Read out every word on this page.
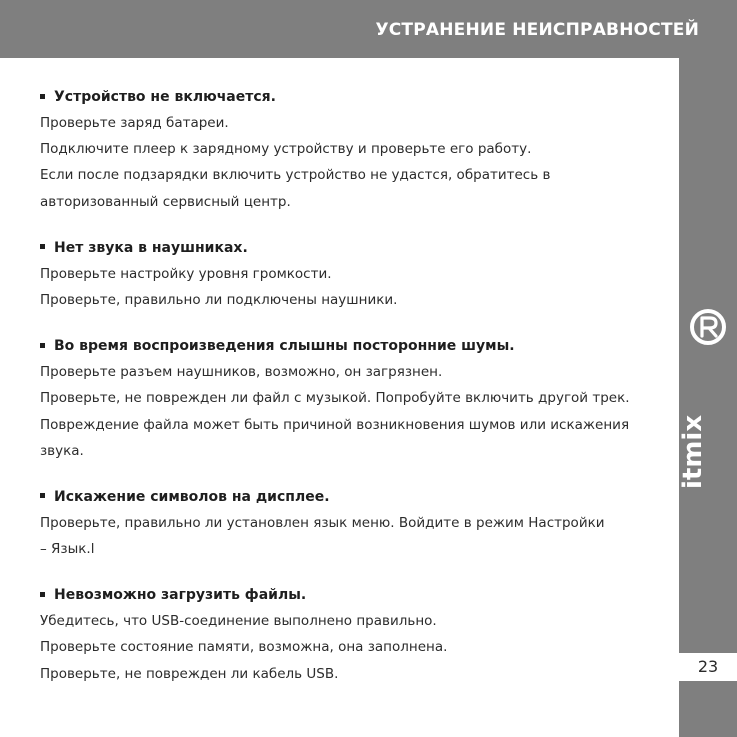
УСТРАНЕНИЕ НЕИСПРАВНОСТЕЙ
itmix
23
Устройство не включается.
Проверьте заряд батареи.
Подключите плеер к зарядному устройству и проверьте его работу.
Если после подзарядки включить устройство не удастся, обратитесь в
авторизованный сервисный центр.
Нет звука в наушниках.
Проверьте настройку уровня громкости.
Проверьте, правильно ли подключены наушники.
Во время воспроизведения слышны посторонние шумы.
Проверьте разъем наушников, возможно, он загрязнен.
Проверьте, не поврежден ли файл с музыкой. Попробуйте включить другой трек.
Повреждение файла может быть причиной возникновения шумов или искажения
звука.
Искажение символов на дисплее.
Проверьте, правильно ли установлен язык меню. Войдите в режим Настройки
– Язык.l
Невозможно загрузить файлы.
Убедитесь, что USB-соединение выполнено правильно.
Проверьте состояние памяти, возможна, она заполнена.
Проверьте, не поврежден ли кабель USB.
